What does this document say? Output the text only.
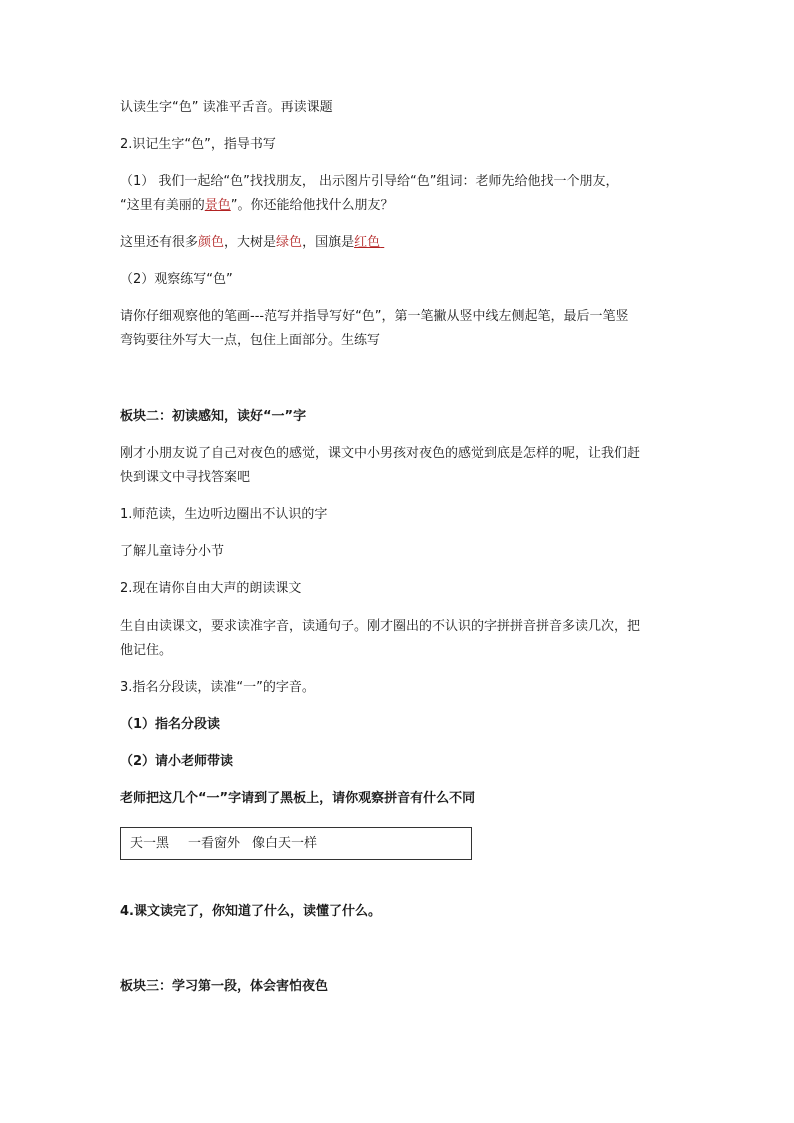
认读生字“色” 读准平舌音。再读课题
2.识记生字“色”，指导书写
（1） 我们一起给“色”找找朋友， 出示图片引导给“色”组词：老师先给他找一个朋友，
“这里有美丽的景色”。你还能给他找什么朋友？
这里还有很多颜色，大树是绿色，国旗是红色
（2）观察练写“色”
请你仔细观察他的笔画---范写并指导写好“色”，第一笔撇从竖中线左侧起笔，最后一笔竖
弯钩要往外写大一点，包住上面部分。生练写
板块二：初读感知，读好“一”字
刚才小朋友说了自己对夜色的感觉，课文中小男孩对夜色的感觉到底是怎样的呢，让我们赶
快到课文中寻找答案吧
1.师范读，生边听边圈出不认识的字
了解儿童诗分小节
2.现在请你自由大声的朗读课文
生自由读课文，要求读准字音，读通句子。刚才圈出的不认识的字拼拼音拼音多读几次，把
他记住。
3.指名分段读，读准“一”的字音。
（1）指名分段读
（2）请小老师带读
老师把这几个“一”字请到了黑板上，请你观察拼音有什么不同
天一黑 一看窗外 像白天一样
4.课文读完了，你知道了什么，读懂了什么。
板块三：学习第一段，体会害怕夜色
